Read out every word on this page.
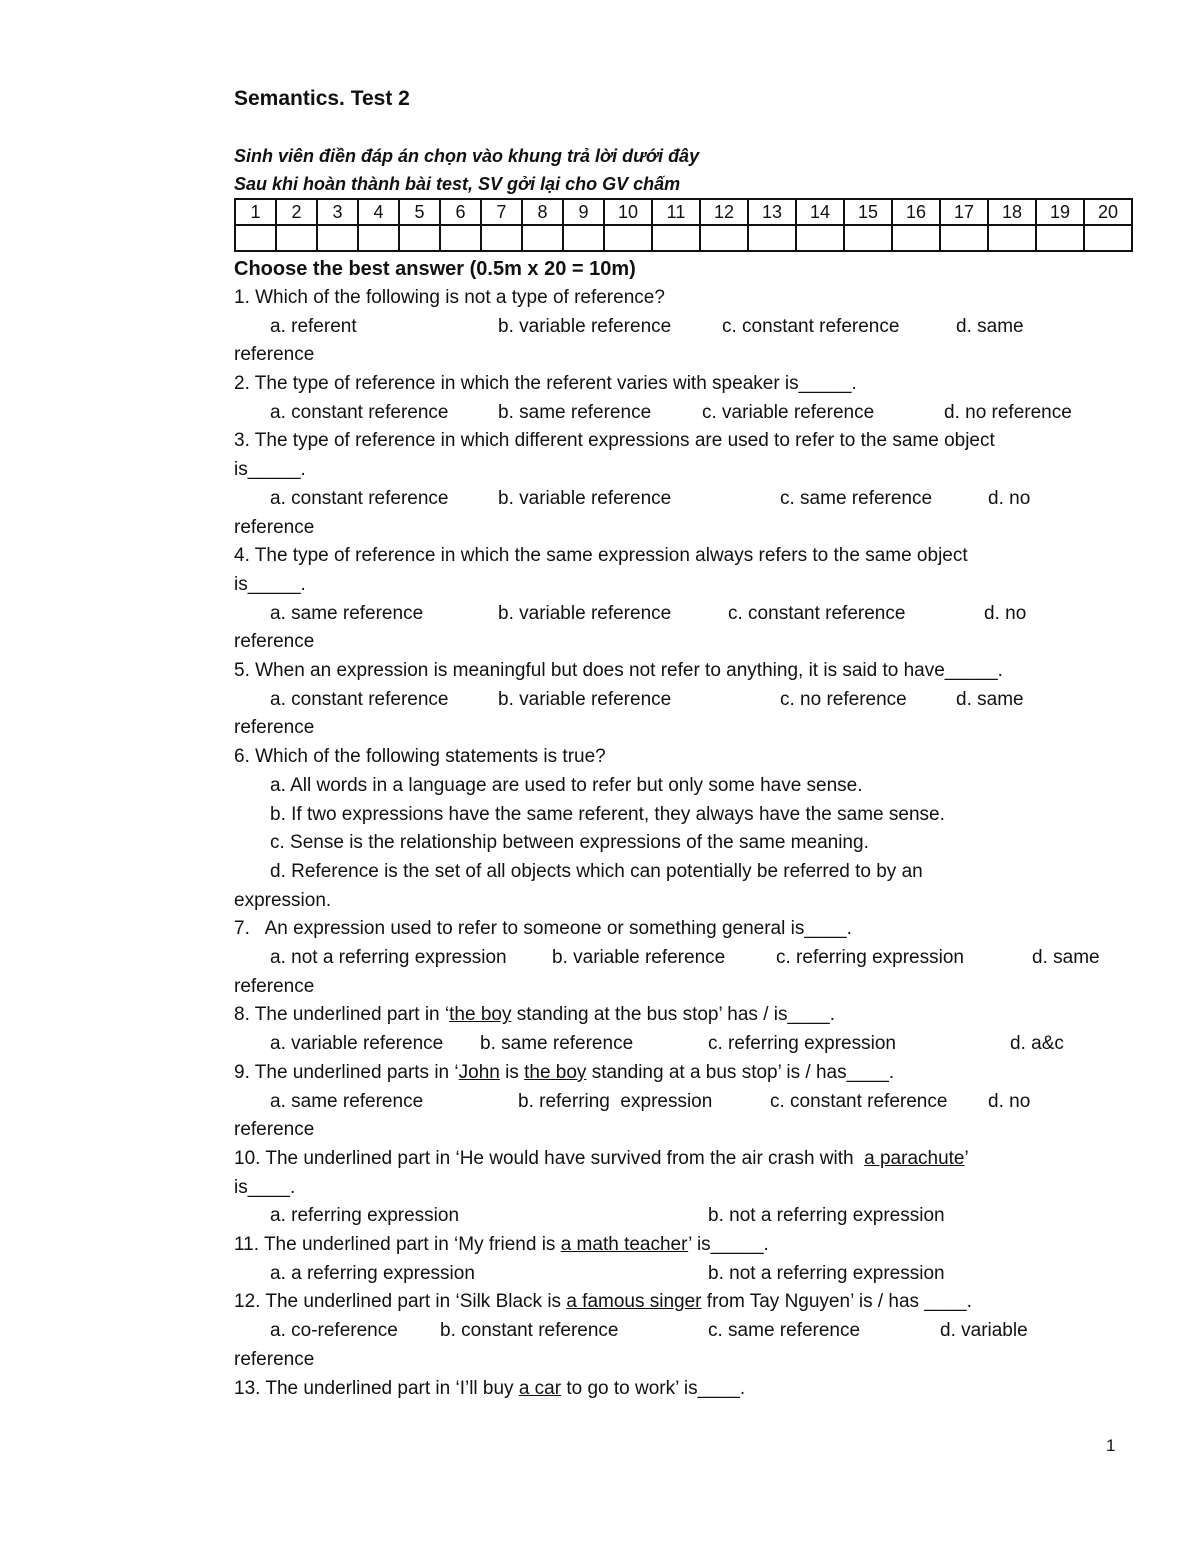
Semantics. Test 2
Sinh viên điền đáp án chọn vào khung trả lời dưới đây
Sau khi hoàn thành bài test, SV gởi lại cho GV chấm
1	2	3	4	5	6	7	8	9	10	11	12	13	14	15	16	17	18	19	20

Choose the best answer (0.5m x 20 = 10m)
1. Which of the following is not a type of reference?
a. referent	b. variable reference	c. constant reference	d. same
reference
2. The type of reference in which the referent varies with speaker is_____.
a. constant reference	b. same reference	c. variable reference	d. no reference
3. The type of reference in which different expressions are used to refer to the same object
is_____.
a. constant reference	b. variable reference	c. same reference	d. no
reference
4. The type of reference in which the same expression always refers to the same object
is_____.
a. same reference	b. variable reference	c. constant reference	d. no
reference
5. When an expression is meaningful but does not refer to anything, it is said to have_____.
a. constant reference	b. variable reference	c. no reference	d. same
reference
6. Which of the following statements is true?
a. All words in a language are used to refer but only some have sense.
b. If two expressions have the same referent, they always have the same sense.
c. Sense is the relationship between expressions of the same meaning.
d. Reference is the set of all objects which can potentially be referred to by an
expression.
7.   An expression used to refer to someone or something general is____.
a. not a referring expression b. variable reference	c. referring expression	d. same
reference
8. The underlined part in ‘the boy standing at the bus stop’ has / is____.
a. variable reference b. same reference	c. referring expression	d. a&c
9. The underlined parts in ‘John is the boy standing at a bus stop’ is / has____.
a. same reference	b. referring  expression	c. constant reference d. no
reference
10. The underlined part in ‘He would have survived from the air crash with  a parachute’
is____.
a. referring expression	b. not a referring expression
11. The underlined part in ‘My friend is a math teacher’ is_____.
a. a referring expression	b. not a referring expression
12. The underlined part in ‘Silk Black is a famous singer from Tay Nguyen’ is / has ____.
a. co-reference b. constant reference	c. same reference	d. variable
reference
13. The underlined part in ‘I’ll buy a car to go to work’ is____.
1
